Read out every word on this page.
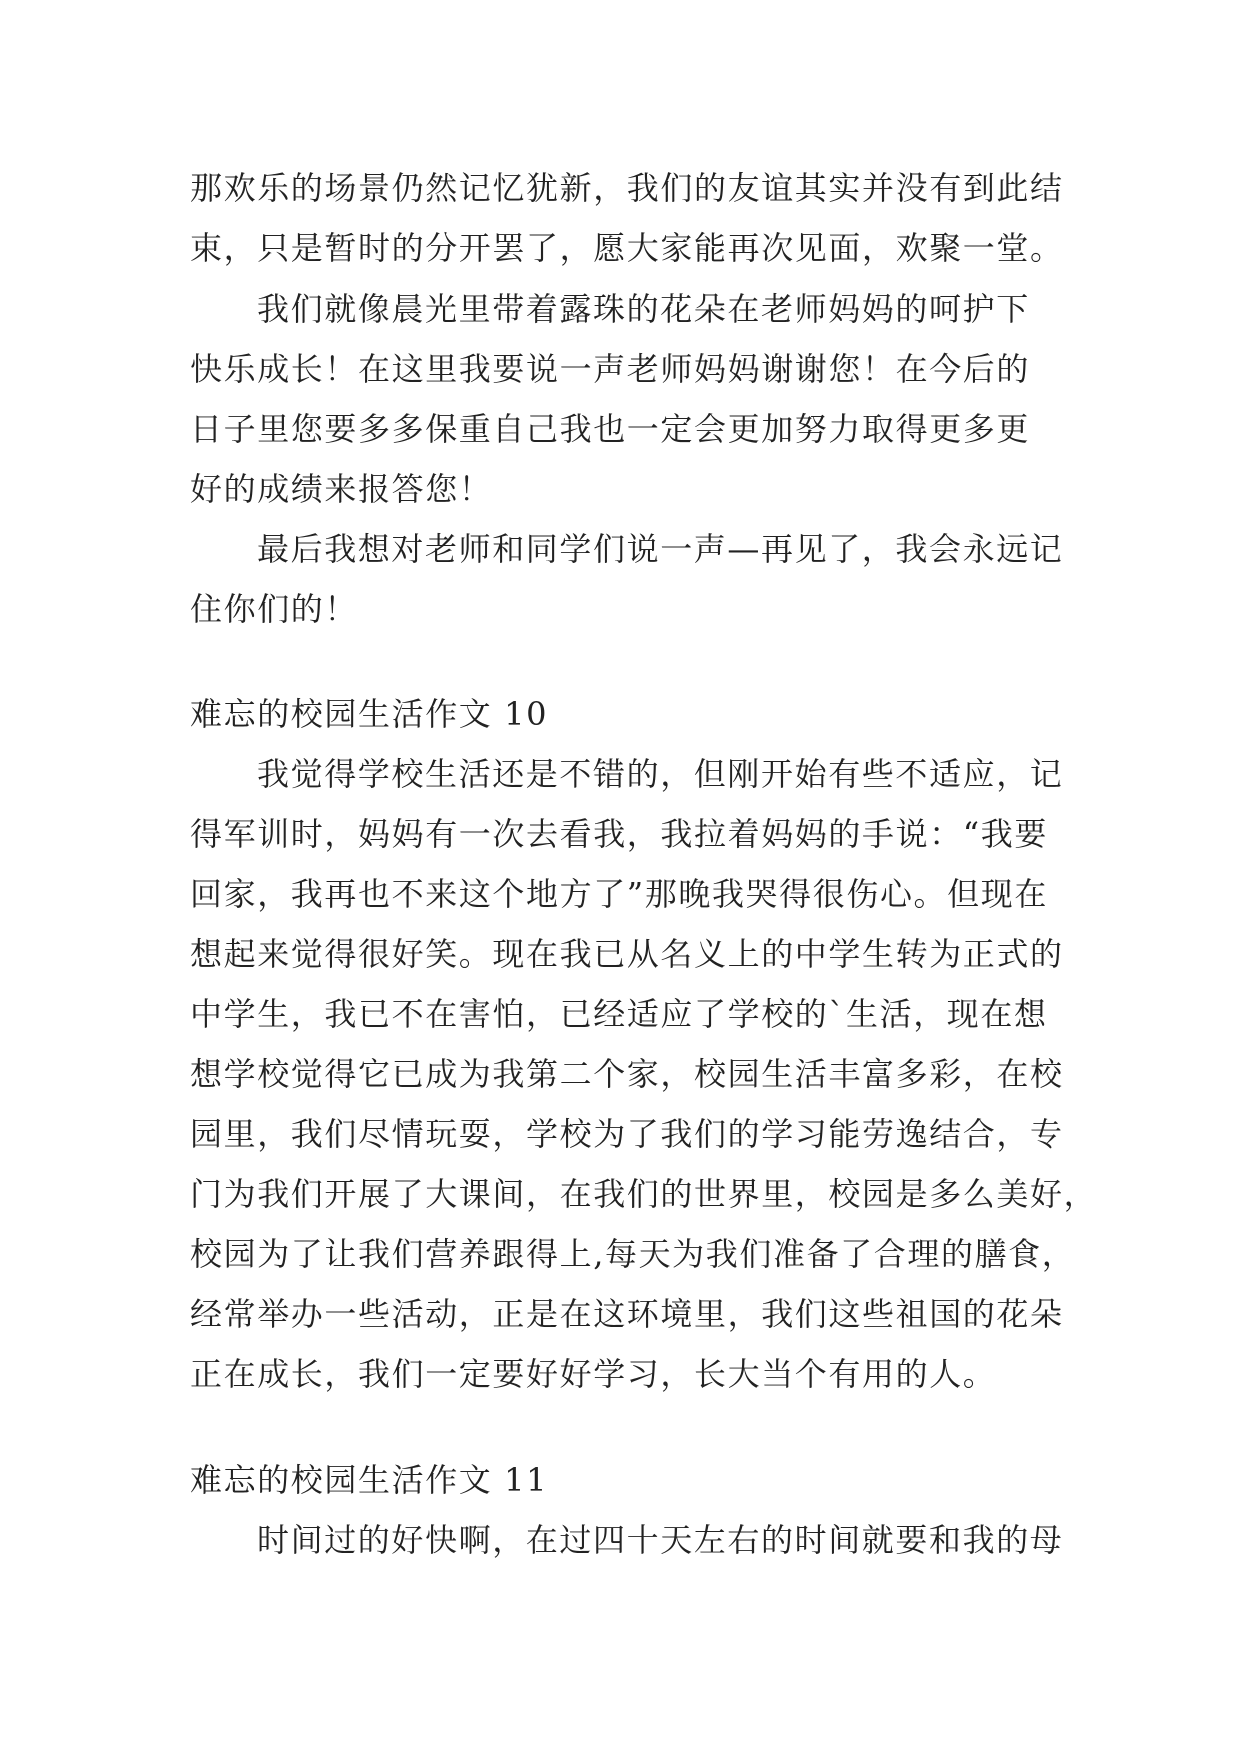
那欢乐的场景仍然记忆犹新，我们的友谊其实并没有到此结
束，只是暂时的分开罢了，愿大家能再次见面，欢聚一堂。
我们就像晨光里带着露珠的花朵在老师妈妈的呵护下
快乐成长！在这里我要说一声老师妈妈谢谢您！在今后的
日子里您要多多保重自己我也一定会更加努力取得更多更
好的成绩来报答您！
最后我想对老师和同学们说一声—再见了，我会永远记
住你们的！
难忘的校园生活作文 10
我觉得学校生活还是不错的，但刚开始有些不适应，记
得军训时，妈妈有一次去看我，我拉着妈妈的手说：“我要
回家，我再也不来这个地方了”那晚我哭得很伤心。但现在
想起来觉得很好笑。现在我已从名义上的中学生转为正式的
中学生，我已不在害怕，已经适应了学校的`生活，现在想
想学校觉得它已成为我第二个家，校园生活丰富多彩，在校
园里，我们尽情玩耍，学校为了我们的学习能劳逸结合，专
门为我们开展了大课间，在我们的世界里，校园是多么美好，
校园为了让我们营养跟得上,每天为我们准备了合理的膳食，
经常举办一些活动，正是在这环境里，我们这些祖国的花朵
正在成长，我们一定要好好学习，长大当个有用的人。
难忘的校园生活作文 11
时间过的好快啊，在过四十天左右的时间就要和我的母
